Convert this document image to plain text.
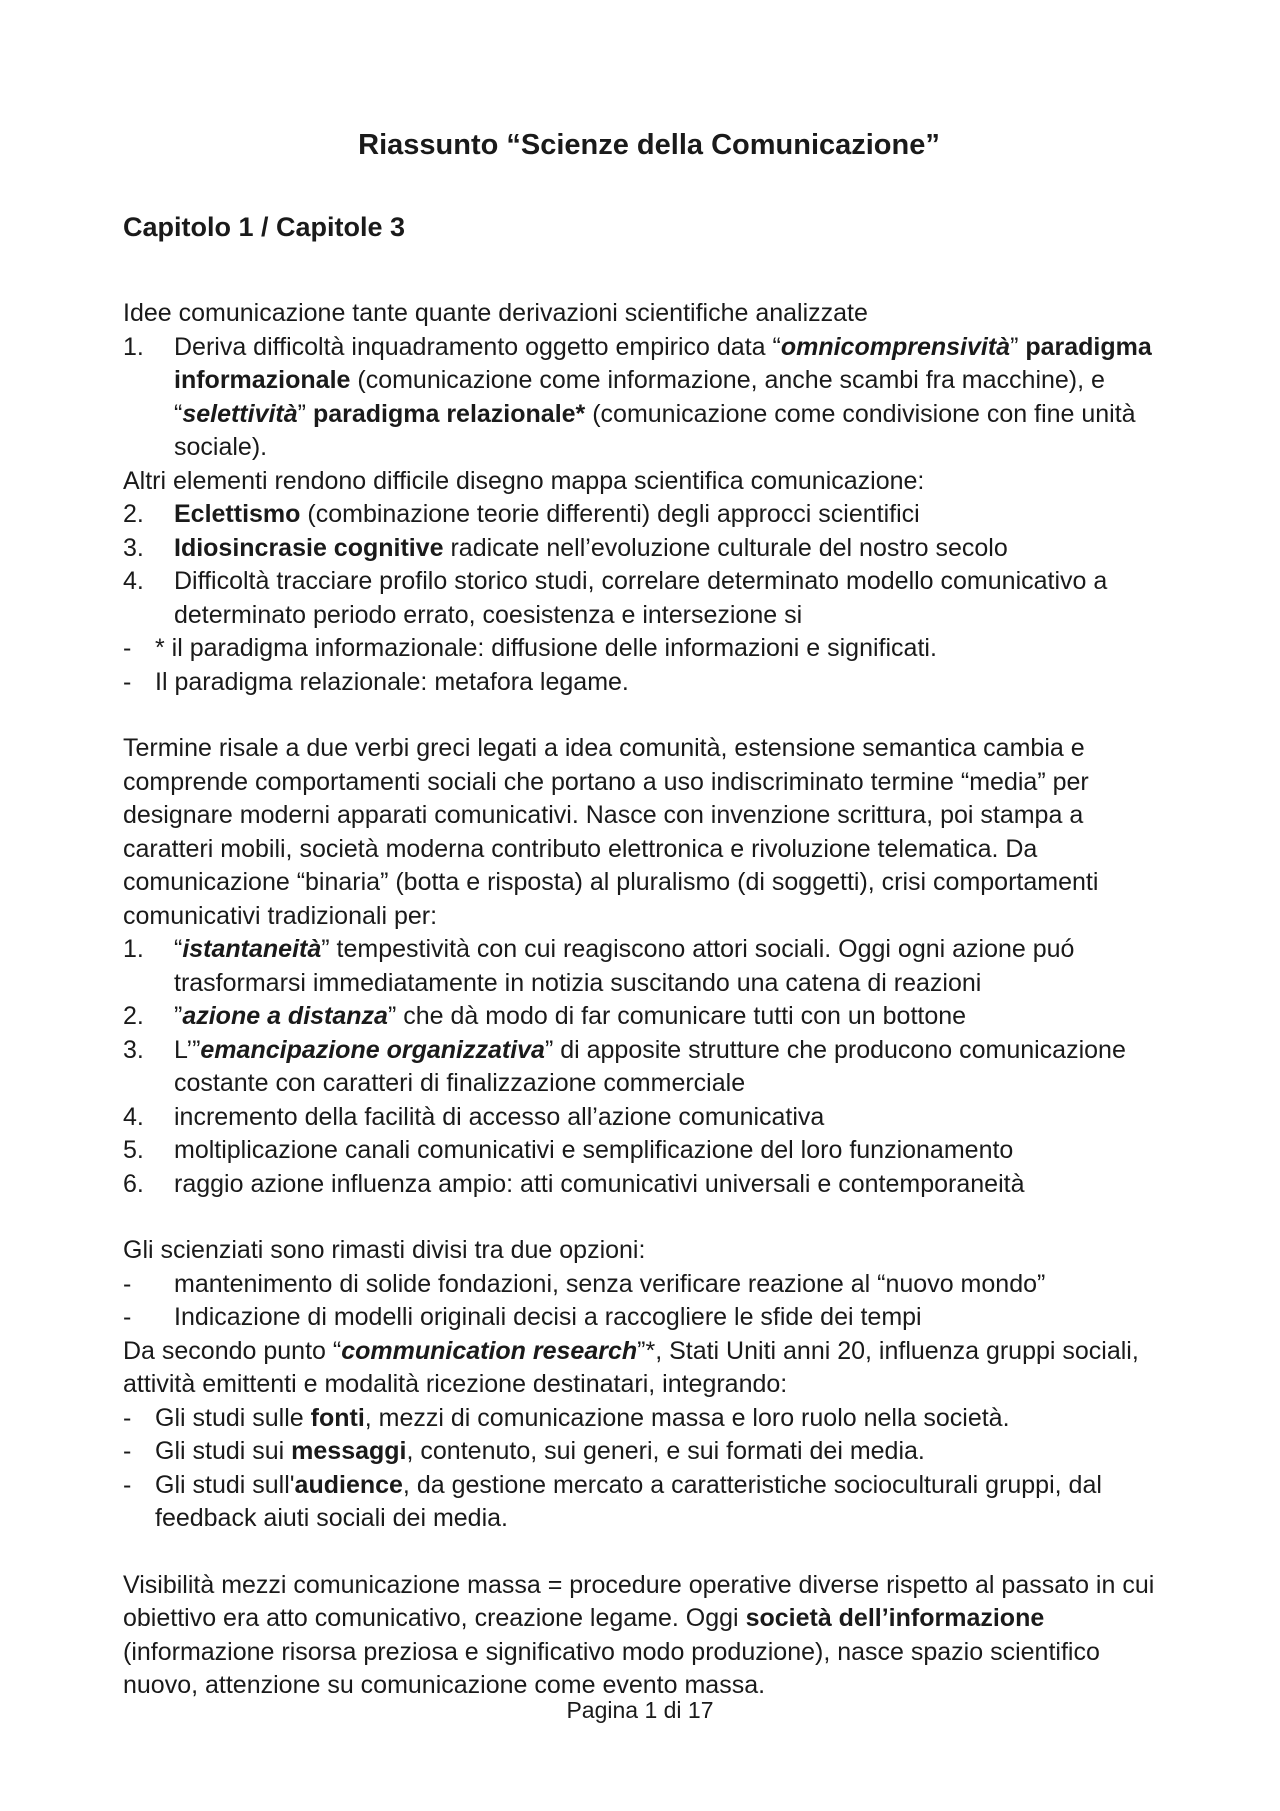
Riassunto “Scienze della Comunicazione”
Capitolo 1 / Capitole 3

Idee comunicazione tante quante derivazioni scientifiche analizzate

1. Deriva difficoltà inquadramento oggetto empirico data “omnicomprensività” paradigma informazionale (comunicazione come informazione, anche scambi fra macchine), e “selettività” paradigma relazionale* (comunicazione come condivisione con fine unità sociale).

Altri elementi rendono difficile disegno mappa scientifica comunicazione:

2. Eclettismo (combinazione teorie differenti) degli approcci scientifici
3. Idiosincrasie cognitive radicate nell’evoluzione culturale del nostro secolo
4. Difficoltà tracciare profilo storico studi, correlare determinato modello comunicativo a determinato periodo errato, coesistenza e intersezione si
- * il paradigma informazionale: diffusione delle informazioni e significati.
- Il paradigma relazionale: metafora legame.

Termine risale a due verbi greci legati a idea comunità, estensione semantica cambia e comprende comportamenti sociali che portano a uso indiscriminato termine “media” per designare moderni apparati comunicativi. Nasce con invenzione scrittura, poi stampa a caratteri mobili, società moderna contributo elettronica e rivoluzione telematica. Da comunicazione “binaria” (botta e risposta) al pluralismo (di soggetti), crisi comportamenti comunicativi tradizionali per:

1. “istantaneità” tempestività con cui reagiscono attori sociali. Oggi ogni azione puó trasformarsi immediatamente in notizia suscitando una catena di reazioni
2. ”azione a distanza” che dà modo di far comunicare tutti con un bottone
3. L’”emancipazione organizzativa” di apposite strutture che producono comunicazione costante con caratteri di finalizzazione commerciale
4. incremento della facilità di accesso all’azione comunicativa
5. moltiplicazione canali comunicativi e semplificazione del loro funzionamento
6. raggio azione influenza ampio: atti comunicativi universali e contemporaneità

Gli scienziati sono rimasti divisi tra due opzioni:

- mantenimento di solide fondazioni, senza verificare reazione al “nuovo mondo”
- Indicazione di modelli originali decisi a raccogliere le sfide dei tempi

Da secondo punto “communication research”*, Stati Uniti anni 20, influenza gruppi sociali, attività emittenti e modalità ricezione destinatari, integrando:

- Gli studi sulle fonti, mezzi di comunicazione massa e loro ruolo nella società.
- Gli studi sui messaggi, contenuto, sui generi, e sui formati dei media.
- Gli studi sull'audience, da gestione mercato a caratteristiche socioculturali gruppi, dal feedback aiuti sociali dei media.

Visibilità mezzi comunicazione massa = procedure operative diverse rispetto al passato in cui obiettivo era atto comunicativo, creazione legame. Oggi società dell’informazione (informazione risorsa preziosa e significativo modo produzione), nasce spazio scientifico nuovo, attenzione su comunicazione come evento massa.

Pagina 1 di 17
